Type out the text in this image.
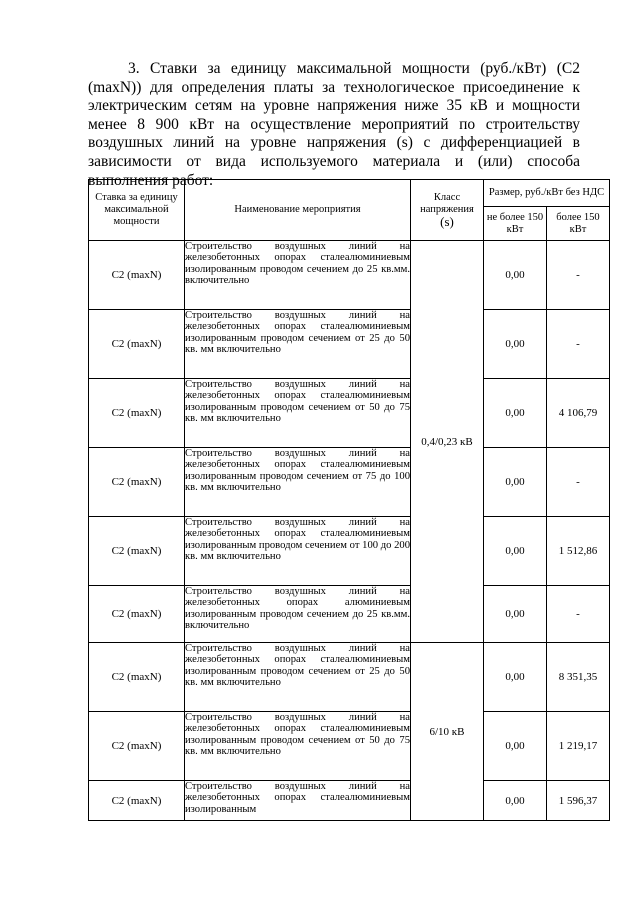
3. Ставки за единицу максимальной мощности (руб./кВт) (С2 (maxN)) для определения платы за технологическое присоединение к электрическим сетям на уровне напряжения ниже 35 кВ и мощности менее 8 900 кВт на осуществление мероприятий по строительству воздушных линий на уровне напряжения (s) с дифференциацией в зависимости от вида используемого материала и (или) способа выполнения работ:

Ставка за единицу максимальной мощности	Наименование мероприятия	Класс напряжения
(s)	Размер, руб./кВт без НДС	
			не более 150 кВт	более 150 кВт
С2 (maxN)	Строительство воздушных линий на железобетонных опорах сталеалюминиевым изолированным проводом сечением до 25 кв.мм. включительно	0,4/0,23 кВ	0,00	-
С2 (maxN)	Строительство воздушных линий на железобетонных опорах сталеалюминиевым изолированным проводом сечением от 25 до 50 кв. мм включительно		0,00	-
С2 (maxN)	Строительство воздушных линий на железобетонных опорах сталеалюминиевым изолированным проводом сечением от 50 до 75 кв. мм включительно		0,00	4 106,79
С2 (maxN)	Строительство воздушных линий на железобетонных опорах сталеалюминиевым изолированным проводом сечением от 75 до 100 кв. мм включительно		0,00	-
С2 (maxN)	Строительство воздушных линий на железобетонных опорах сталеалюминиевым изолированным проводом сечением от 100 до 200 кв. мм включительно		0,00	1 512,86
С2 (maxN)	Строительство воздушных линий на железобетонных опорах алюминиевым изолированным проводом сечением до 25 кв.мм. включительно		0,00	-
С2 (maxN)	Строительство воздушных линий на железобетонных опорах сталеалюминиевым изолированным проводом сечением от 25 до 50 кв. мм включительно	6/10 кВ	0,00	8 351,35
С2 (maxN)	Строительство воздушных линий на железобетонных опорах сталеалюминиевым изолированным проводом сечением от 50 до 75 кв. мм включительно		0,00	1 219,17
С2 (maxN)	Строительство воздушных линий на железобетонных опорах сталеалюминиевым изолированным		0,00	1 596,37
